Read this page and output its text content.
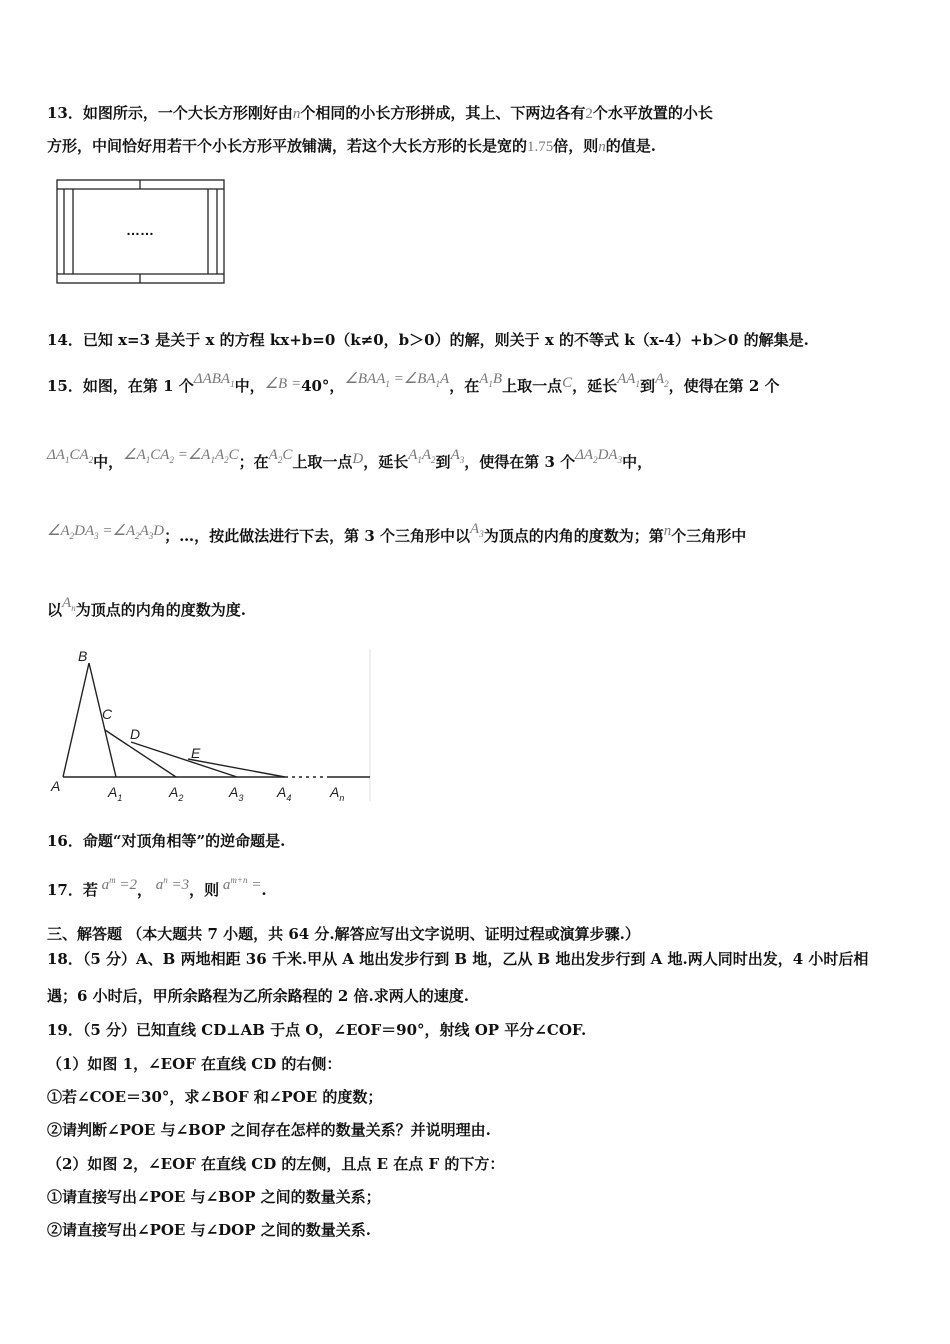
13．如图所示，一个大长方形刚好由n个相同的小长方形拼成，其上、下两边各有2个水平放置的小长
方形，中间恰好用若干个小长方形平放铺满，若这个大长方形的长是宽的1.75倍，则n的值是.
……
14．已知 x=3 是关于 x 的方程 kx+b=0（k≠0，b＞0）的解，则关于 x 的不等式 k（x-4）+b＞0 的解集是.
15．如图，在第 1 个$\Delta ABA_1$中，∠B =40°，$\angle BAA_1$ $=\angle BA_1A$，在$A_1B$上取一点C，延长$AA_1$到$A_2$，使得在第 2 个
$\Delta A_1CA_2$中，$\angle A_1CA_2$ $=\angle A_1A_2C$；在$A_2C$上取一点D，延长$A_1A_2$到$A_3$，使得在第 3 个$\Delta A_2DA_3$中，
$\angle A_2DA_3$ $=\angle A_2A_3D$；…，按此做法进行下去，第 3 个三角形中以$A_3$为顶点的内角的度数为；第n个三角形中
以$A_n$为顶点的内角的度数为度.
B
C
D
E
A	$A_1$	$A_2$	$A_3$ $A_4$	$A_n$
16．命题“对顶角相等”的逆命题是.
17．若 $a^m =2$， $a^n =3$，则 $a^{m+n}$ =.
三、解答题 （本大题共 7 小题，共 64 分.解答应写出文字说明、证明过程或演算步骤.）
18．（5 分）A、B 两地相距 36 千米.甲从 A 地出发步行到 B 地，乙从 B 地出发步行到 A 地.两人同时出发，4 小时后相
遇；6 小时后，甲所余路程为乙所余路程的 2 倍.求两人的速度.
19．（5 分）已知直线 CD⊥AB 于点 O，∠EOF＝90°，射线 OP 平分∠COF.
（1）如图 1，∠EOF 在直线 CD 的右侧：
①若∠COE＝30°，求∠BOF 和∠POE 的度数；
②请判断∠POE 与∠BOP 之间存在怎样的数量关系？并说明理由.
（2）如图 2，∠EOF 在直线 CD 的左侧，且点 E 在点 F 的下方：
①请直接写出∠POE 与∠BOP 之间的数量关系；
②请直接写出∠POE 与∠DOP 之间的数量关系.
